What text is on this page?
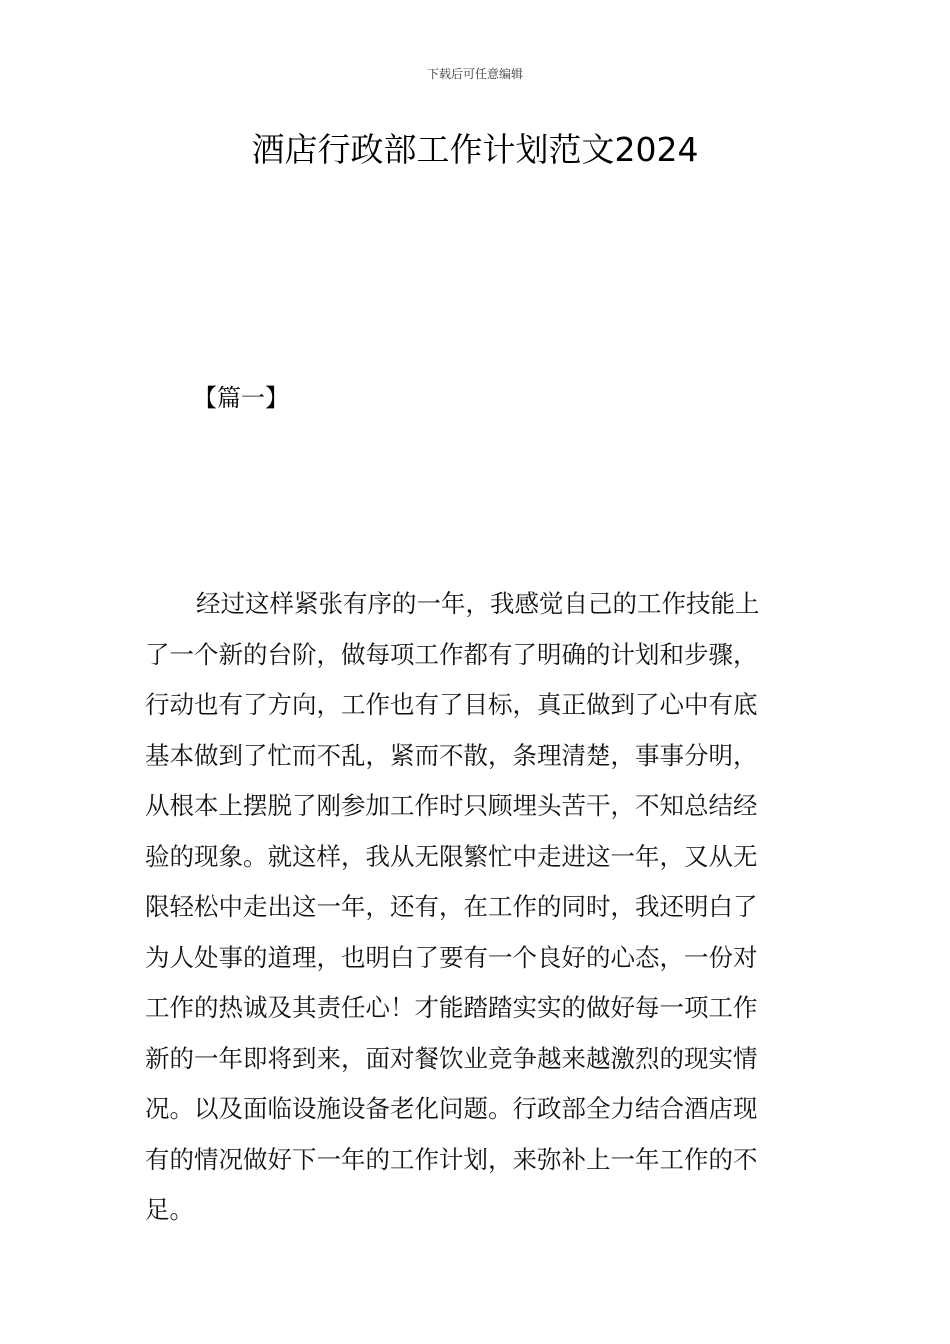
下载后可任意编辑
酒店行政部工作计划范文2024
【篇一】
经过这样紧张有序的一年，我感觉自己的工作技能上
了一个新的台阶，做每项工作都有了明确的计划和步骤，
行动也有了方向，工作也有了目标，真正做到了心中有底
基本做到了忙而不乱，紧而不散，条理清楚，事事分明，
从根本上摆脱了刚参加工作时只顾埋头苦干，不知总结经
验的现象。就这样，我从无限繁忙中走进这一年，又从无
限轻松中走出这一年，还有，在工作的同时，我还明白了
为人处事的道理，也明白了要有一个良好的心态，一份对
工作的热诚及其责任心！才能踏踏实实的做好每一项工作
新的一年即将到来，面对餐饮业竞争越来越激烈的现实情
况。以及面临设施设备老化问题。行政部全力结合酒店现
有的情况做好下一年的工作计划，来弥补上一年工作的不
足。
